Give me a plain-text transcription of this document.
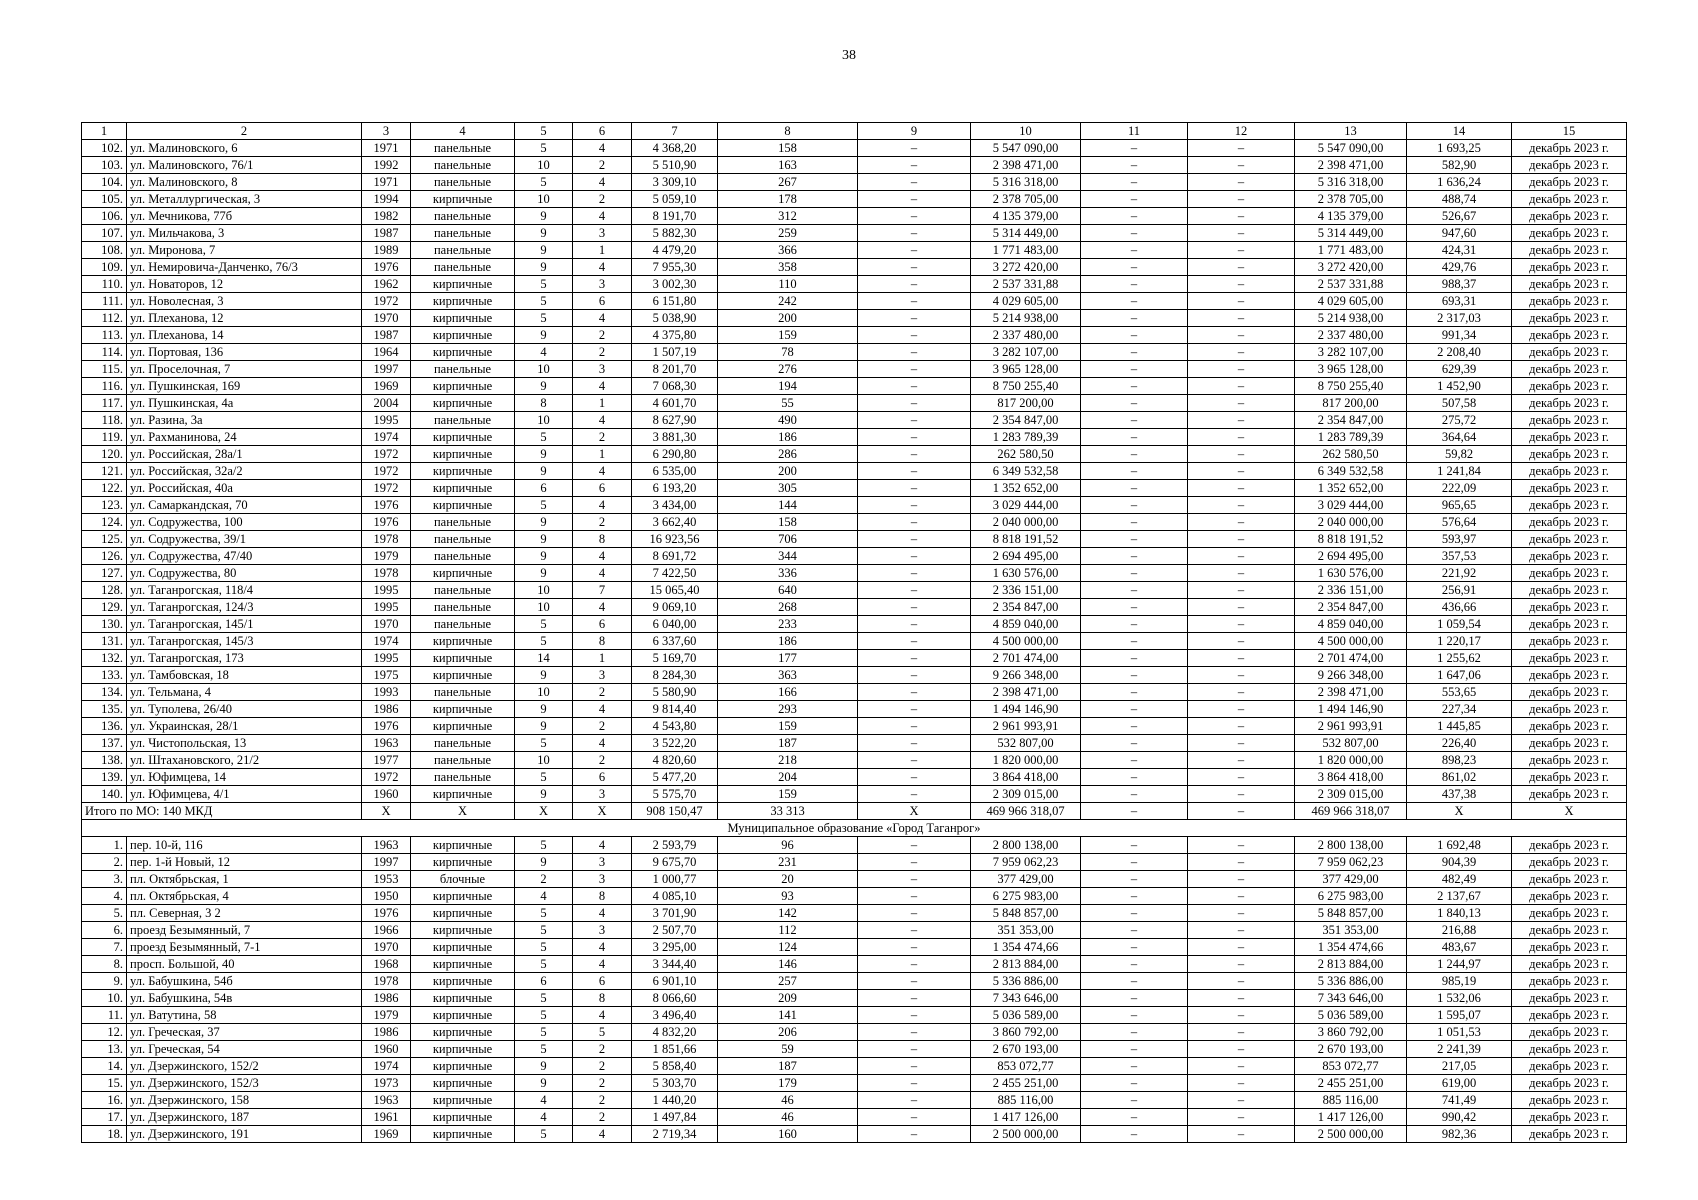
38
1	2	3	4	5	6	7	8	9	10	11	12	13	14	15
102.	ул. Малиновского, 6	1971	панельные	5	4	4 368,20	158	–	5 547 090,00	–	–	5 547 090,00	1 693,25	декабрь 2023 г.
103.	ул. Малиновского, 76/1	1992	панельные	10	2	5 510,90	163	–	2 398 471,00	–	–	2 398 471,00	582,90	декабрь 2023 г.
104.	ул. Малиновского, 8	1971	панельные	5	4	3 309,10	267	–	5 316 318,00	–	–	5 316 318,00	1 636,24	декабрь 2023 г.
105.	ул. Металлургическая, 3	1994	кирпичные	10	2	5 059,10	178	–	2 378 705,00	–	–	2 378 705,00	488,74	декабрь 2023 г.
106.	ул. Мечникова, 77б	1982	панельные	9	4	8 191,70	312	–	4 135 379,00	–	–	4 135 379,00	526,67	декабрь 2023 г.
107.	ул. Мильчакова, 3	1987	панельные	9	3	5 882,30	259	–	5 314 449,00	–	–	5 314 449,00	947,60	декабрь 2023 г.
108.	ул. Миронова, 7	1989	панельные	9	1	4 479,20	366	–	1 771 483,00	–	–	1 771 483,00	424,31	декабрь 2023 г.
109.	ул. Немировича-Данченко, 76/3	1976	панельные	9	4	7 955,30	358	–	3 272 420,00	–	–	3 272 420,00	429,76	декабрь 2023 г.
110.	ул. Новаторов, 12	1962	кирпичные	5	3	3 002,30	110	–	2 537 331,88	–	–	2 537 331,88	988,37	декабрь 2023 г.
111.	ул. Новолесная, 3	1972	кирпичные	5	6	6 151,80	242	–	4 029 605,00	–	–	4 029 605,00	693,31	декабрь 2023 г.
112.	ул. Плеханова, 12	1970	кирпичные	5	4	5 038,90	200	–	5 214 938,00	–	–	5 214 938,00	2 317,03	декабрь 2023 г.
113.	ул. Плеханова, 14	1987	кирпичные	9	2	4 375,80	159	–	2 337 480,00	–	–	2 337 480,00	991,34	декабрь 2023 г.
114.	ул. Портовая, 136	1964	кирпичные	4	2	1 507,19	78	–	3 282 107,00	–	–	3 282 107,00	2 208,40	декабрь 2023 г.
115.	ул. Проселочная, 7	1997	панельные	10	3	8 201,70	276	–	3 965 128,00	–	–	3 965 128,00	629,39	декабрь 2023 г.
116.	ул. Пушкинская, 169	1969	кирпичные	9	4	7 068,30	194	–	8 750 255,40	–	–	8 750 255,40	1 452,90	декабрь 2023 г.
117.	ул. Пушкинская, 4а	2004	кирпичные	8	1	4 601,70	55	–	817 200,00	–	–	817 200,00	507,58	декабрь 2023 г.
118.	ул. Разина, 3а	1995	панельные	10	4	8 627,90	490	–	2 354 847,00	–	–	2 354 847,00	275,72	декабрь 2023 г.
119.	ул. Рахманинова, 24	1974	кирпичные	5	2	3 881,30	186	–	1 283 789,39	–	–	1 283 789,39	364,64	декабрь 2023 г.
120.	ул. Российская, 28а/1	1972	кирпичные	9	1	6 290,80	286	–	262 580,50	–	–	262 580,50	59,82	декабрь 2023 г.
121.	ул. Российская, 32а/2	1972	кирпичные	9	4	6 535,00	200	–	6 349 532,58	–	–	6 349 532,58	1 241,84	декабрь 2023 г.
122.	ул. Российская, 40а	1972	кирпичные	6	6	6 193,20	305	–	1 352 652,00	–	–	1 352 652,00	222,09	декабрь 2023 г.
123.	ул. Самаркандская, 70	1976	кирпичные	5	4	3 434,00	144	–	3 029 444,00	–	–	3 029 444,00	965,65	декабрь 2023 г.
124.	ул. Содружества, 100	1976	панельные	9	2	3 662,40	158	–	2 040 000,00	–	–	2 040 000,00	576,64	декабрь 2023 г.
125.	ул. Содружества, 39/1	1978	панельные	9	8	16 923,56	706	–	8 818 191,52	–	–	8 818 191,52	593,97	декабрь 2023 г.
126.	ул. Содружества, 47/40	1979	панельные	9	4	8 691,72	344	–	2 694 495,00	–	–	2 694 495,00	357,53	декабрь 2023 г.
127.	ул. Содружества, 80	1978	кирпичные	9	4	7 422,50	336	–	1 630 576,00	–	–	1 630 576,00	221,92	декабрь 2023 г.
128.	ул. Таганрогская, 118/4	1995	панельные	10	7	15 065,40	640	–	2 336 151,00	–	–	2 336 151,00	256,91	декабрь 2023 г.
129.	ул. Таганрогская, 124/3	1995	панельные	10	4	9 069,10	268	–	2 354 847,00	–	–	2 354 847,00	436,66	декабрь 2023 г.
130.	ул. Таганрогская, 145/1	1970	панельные	5	6	6 040,00	233	–	4 859 040,00	–	–	4 859 040,00	1 059,54	декабрь 2023 г.
131.	ул. Таганрогская, 145/3	1974	кирпичные	5	8	6 337,60	186	–	4 500 000,00	–	–	4 500 000,00	1 220,17	декабрь 2023 г.
132.	ул. Таганрогская, 173	1995	кирпичные	14	1	5 169,70	177	–	2 701 474,00	–	–	2 701 474,00	1 255,62	декабрь 2023 г.
133.	ул. Тамбовская, 18	1975	кирпичные	9	3	8 284,30	363	–	9 266 348,00	–	–	9 266 348,00	1 647,06	декабрь 2023 г.
134.	ул. Тельмана, 4	1993	панельные	10	2	5 580,90	166	–	2 398 471,00	–	–	2 398 471,00	553,65	декабрь 2023 г.
135.	ул. Туполева, 26/40	1986	кирпичные	9	4	9 814,40	293	–	1 494 146,90	–	–	1 494 146,90	227,34	декабрь 2023 г.
136.	ул. Украинская, 28/1	1976	кирпичные	9	2	4 543,80	159	–	2 961 993,91	–	–	2 961 993,91	1 445,85	декабрь 2023 г.
137.	ул. Чистопольская, 13	1963	панельные	5	4	3 522,20	187	–	532 807,00	–	–	532 807,00	226,40	декабрь 2023 г.
138.	ул. Штахановского, 21/2	1977	панельные	10	2	4 820,60	218	–	1 820 000,00	–	–	1 820 000,00	898,23	декабрь 2023 г.
139.	ул. Юфимцева, 14	1972	панельные	5	6	5 477,20	204	–	3 864 418,00	–	–	3 864 418,00	861,02	декабрь 2023 г.
140.	ул. Юфимцева, 4/1	1960	кирпичные	9	3	5 575,70	159	–	2 309 015,00	–	–	2 309 015,00	437,38	декабрь 2023 г.
Итого по МО: 140 МКД		Х	Х	Х	Х	908 150,47	33 313	Х	469 966 318,07	–	–	469 966 318,07	Х	Х
Муниципальное образование «Город Таганрог»														
1.	пер. 10-й, 116	1963	кирпичные	5	4	2 593,79	96	–	2 800 138,00	–	–	2 800 138,00	1 692,48	декабрь 2023 г.
2.	пер. 1-й Новый, 12	1997	кирпичные	9	3	9 675,70	231	–	7 959 062,23	–	–	7 959 062,23	904,39	декабрь 2023 г.
3.	пл. Октябрьская, 1	1953	блочные	2	3	1 000,77	20	–	377 429,00	–	–	377 429,00	482,49	декабрь 2023 г.
4.	пл. Октябрьская, 4	1950	кирпичные	4	8	4 085,10	93	–	6 275 983,00	–	–	6 275 983,00	2 137,67	декабрь 2023 г.
5.	пл. Северная, 3 2	1976	кирпичные	5	4	3 701,90	142	–	5 848 857,00	–	–	5 848 857,00	1 840,13	декабрь 2023 г.
6.	проезд Безымянный, 7	1966	кирпичные	5	3	2 507,70	112	–	351 353,00	–	–	351 353,00	216,88	декабрь 2023 г.
7.	проезд Безымянный, 7-1	1970	кирпичные	5	4	3 295,00	124	–	1 354 474,66	–	–	1 354 474,66	483,67	декабрь 2023 г.
8.	просп. Большой, 40	1968	кирпичные	5	4	3 344,40	146	–	2 813 884,00	–	–	2 813 884,00	1 244,97	декабрь 2023 г.
9.	ул. Бабушкина, 54б	1978	кирпичные	6	6	6 901,10	257	–	5 336 886,00	–	–	5 336 886,00	985,19	декабрь 2023 г.
10.	ул. Бабушкина, 54в	1986	кирпичные	5	8	8 066,60	209	–	7 343 646,00	–	–	7 343 646,00	1 532,06	декабрь 2023 г.
11.	ул. Ватутина, 58	1979	кирпичные	5	4	3 496,40	141	–	5 036 589,00	–	–	5 036 589,00	1 595,07	декабрь 2023 г.
12.	ул. Греческая, 37	1986	кирпичные	5	5	4 832,20	206	–	3 860 792,00	–	–	3 860 792,00	1 051,53	декабрь 2023 г.
13.	ул. Греческая, 54	1960	кирпичные	5	2	1 851,66	59	–	2 670 193,00	–	–	2 670 193,00	2 241,39	декабрь 2023 г.
14.	ул. Дзержинского, 152/2	1974	кирпичные	9	2	5 858,40	187	–	853 072,77	–	–	853 072,77	217,05	декабрь 2023 г.
15.	ул. Дзержинского, 152/3	1973	кирпичные	9	2	5 303,70	179	–	2 455 251,00	–	–	2 455 251,00	619,00	декабрь 2023 г.
16.	ул. Дзержинского, 158	1963	кирпичные	4	2	1 440,20	46	–	885 116,00	–	–	885 116,00	741,49	декабрь 2023 г.
17.	ул. Дзержинского, 187	1961	кирпичные	4	2	1 497,84	46	–	1 417 126,00	–	–	1 417 126,00	990,42	декабрь 2023 г.
18.	ул. Дзержинского, 191	1969	кирпичные	5	4	2 719,34	160	–	2 500 000,00	–	–	2 500 000,00	982,36	декабрь 2023 г.
